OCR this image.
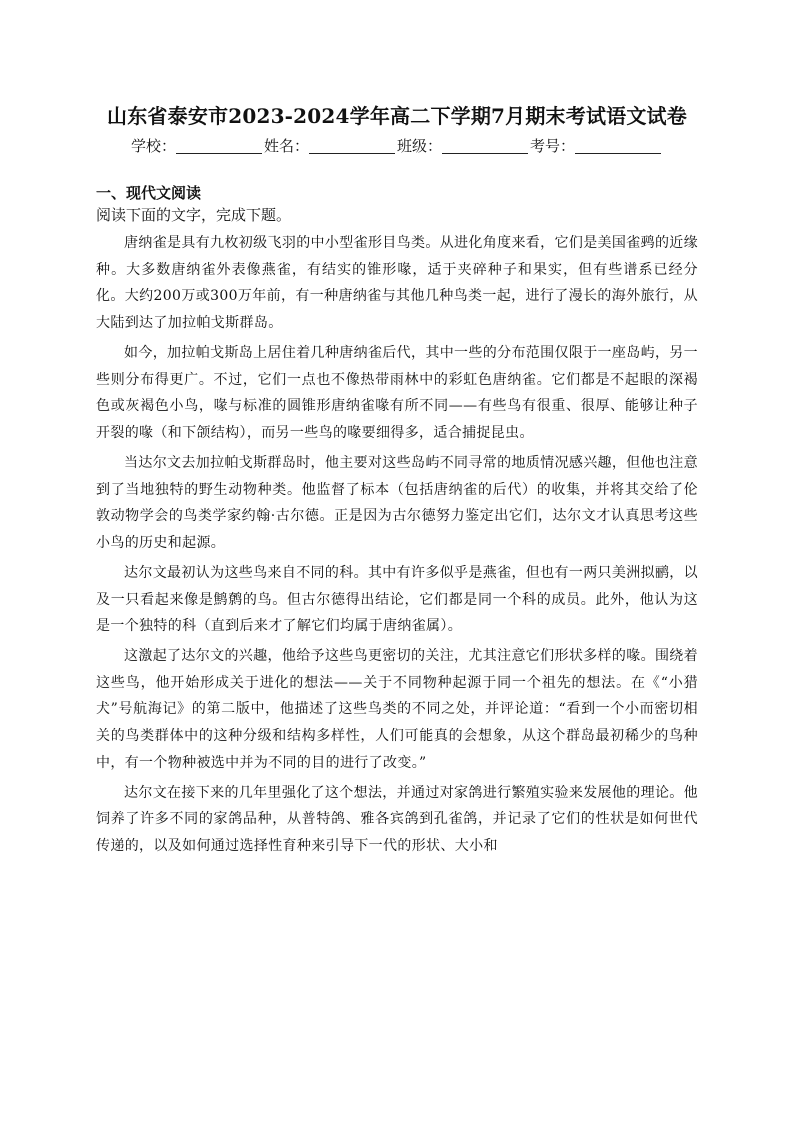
山东省泰安市2023-2024学年高二下学期7月期末考试语文试卷
学校：	姓名：	班级：	考号：
一、现代文阅读
阅读下面的文字，完成下题。

唐纳雀是具有九枚初级飞羽的中小型雀形目鸟类。从进化角度来看，它们是美国雀鹀的近缘种。大多数唐纳雀外表像燕雀，有结实的锥形喙，适于夹碎种子和果实，但有些谱系已经分化。大约200万或300万年前，有一种唐纳雀与其他几种鸟类一起，进行了漫长的海外旅行，从大陆到达了加拉帕戈斯群岛。

如今，加拉帕戈斯岛上居住着几种唐纳雀后代，其中一些的分布范围仅限于一座岛屿，另一些则分布得更广。不过，它们一点也不像热带雨林中的彩虹色唐纳雀。它们都是不起眼的深褐色或灰褐色小鸟，喙与标准的圆锥形唐纳雀喙有所不同——有些鸟有很重、很厚、能够让种子开裂的喙（和下颌结构），而另一些鸟的喙要细得多，适合捕捉昆虫。

当达尔文去加拉帕戈斯群岛时，他主要对这些岛屿不同寻常的地质情况感兴趣，但他也注意到了当地独特的野生动物种类。他监督了标本（包括唐纳雀的后代）的收集，并将其交给了伦敦动物学会的鸟类学家约翰·古尔德。正是因为古尔德努力鉴定出它们，达尔文才认真思考这些小鸟的历史和起源。

达尔文最初认为这些鸟来自不同的科。其中有许多似乎是燕雀，但也有一两只美洲拟鹂，以及一只看起来像是鹪鹩的鸟。但古尔德得出结论，它们都是同一个科的成员。此外，他认为这是一个独特的科（直到后来才了解它们均属于唐纳雀属）。

这激起了达尔文的兴趣，他给予这些鸟更密切的关注，尤其注意它们形状多样的喙。围绕着这些鸟，他开始形成关于进化的想法——关于不同物种起源于同一个祖先的想法。在《“小猎犬”号航海记》的第二版中，他描述了这些鸟类的不同之处，并评论道：“看到一个小而密切相关的鸟类群体中的这种分级和结构多样性，人们可能真的会想象，从这个群岛最初稀少的鸟种中，有一个物种被选中并为不同的目的进行了改变。”

达尔文在接下来的几年里强化了这个想法，并通过对家鸽进行繁殖实验来发展他的理论。他饲养了许多不同的家鸽品种，从普特鸽、雅各宾鸽到孔雀鸽，并记录了它们的性状是如何世代传递的，以及如何通过选择性育种来引导下一代的形状、大小和
